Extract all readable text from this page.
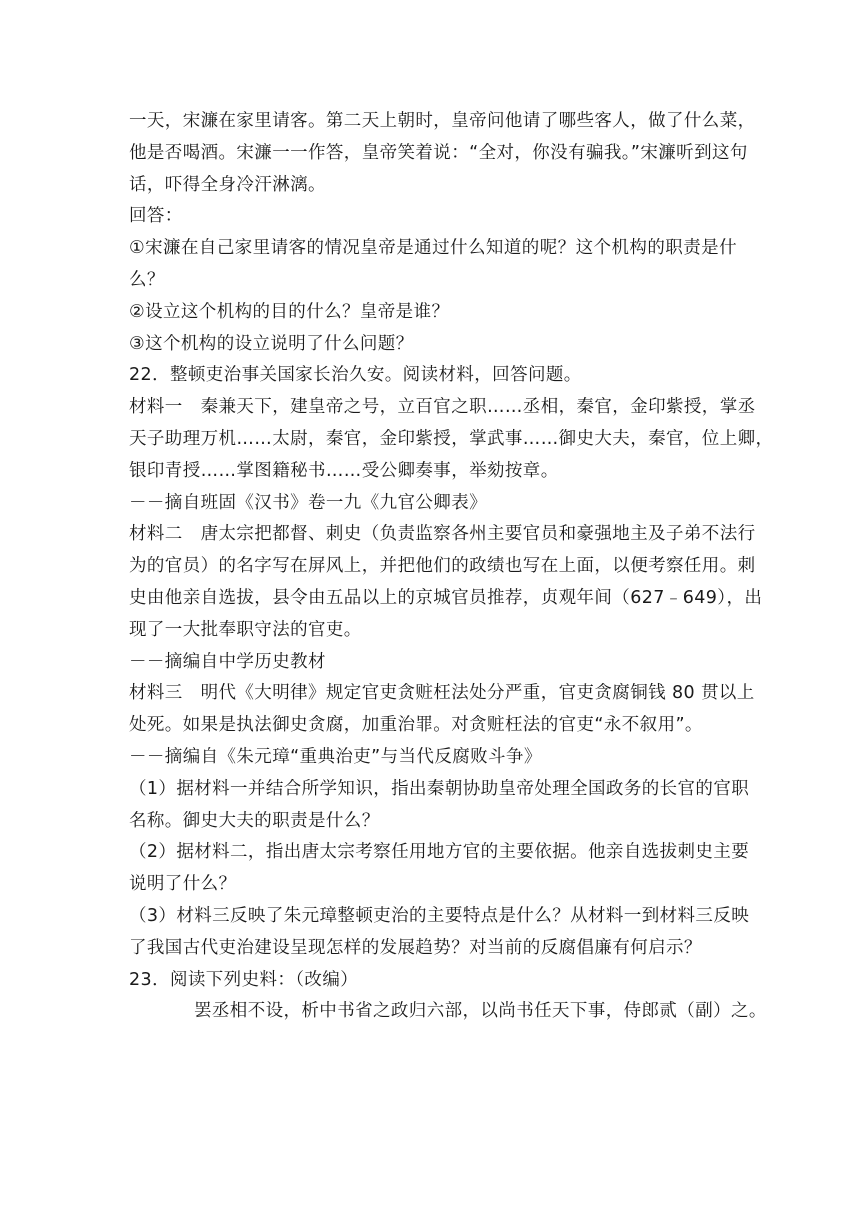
一天，宋濂在家里请客。第二天上朝时，皇帝问他请了哪些客人，做了什么菜，
他是否喝酒。宋濂一一作答，皇帝笑着说：“全对，你没有骗我。”宋濂听到这句
话，吓得全身冷汗淋漓。
回答：
①宋濂在自己家里请客的情况皇帝是通过什么知道的呢？这个机构的职责是什
么？
②设立这个机构的目的什么？皇帝是谁？
③这个机构的设立说明了什么问题？
22．整顿吏治事关国家长治久安。阅读材料，回答问题。
材料一　秦兼天下，建皇帝之号，立百官之职……丞相，秦官，金印紫授，掌丞
天子助理万机……太尉，秦官，金印紫授，掌武事……御史大夫，秦官，位上卿，
银印青授……掌图籍秘书……受公卿奏事，举劾按章。
－－摘自班固《汉书》卷一九《九官公卿表》
材料二　唐太宗把都督、刺史（负责监察各州主要官员和豪强地主及子弟不法行
为的官员）的名字写在屏风上，并把他们的政绩也写在上面，以便考察任用。刺
史由他亲自选拔，县令由五品以上的京城官员推荐，贞观年间（627﹣649），出
现了一大批奉职守法的官吏。
－－摘编自中学历史教材
材料三　明代《大明律》规定官吏贪赃枉法处分严重，官吏贪腐铜钱 80 贯以上
处死。如果是执法御史贪腐，加重治罪。对贪赃枉法的官吏“永不叙用”。
－－摘编自《朱元璋“重典治吏”与当代反腐败斗争》
（1）据材料一并结合所学知识，指出秦朝协助皇帝处理全国政务的长官的官职
名称。御史大夫的职责是什么？
（2）据材料二，指出唐太宗考察任用地方官的主要依据。他亲自选拔刺史主要
说明了什么？
（3）材料三反映了朱元璋整顿吏治的主要特点是什么？从材料一到材料三反映
了我国古代吏治建设呈现怎样的发展趋势？对当前的反腐倡廉有何启示？
23．阅读下列史料：（改编）
罢丞相不设，析中书省之政归六部，以尚书任天下事，侍郎贰（副）之。
